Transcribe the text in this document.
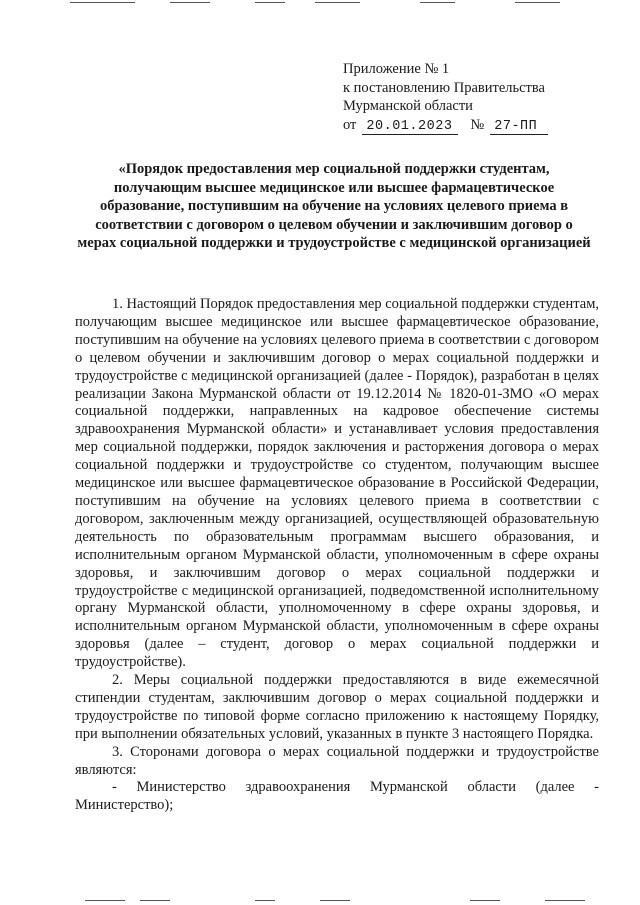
Приложение № 1
к постановлению Правительства
Мурманской области
от 20.01.2023 № 27-ПП
«Порядок предоставления мер социальной поддержки студентам, получающим высшее медицинское или высшее фармацевтическое образование, поступившим на обучение на условиях целевого приема в соответствии с договором о целевом обучении и заключившим договор о мерах социальной поддержки и трудоустройстве с медицинской организацией

1. Настоящий Порядок предоставления мер социальной поддержки студентам, получающим высшее медицинское или высшее фармацевтическое образование, поступившим на обучение на условиях целевого приема в соответствии с договором о целевом обучении и заключившим договор о мерах социальной поддержки и трудоустройстве с медицинской организацией (далее - Порядок), разработан в целях реализации Закона Мурманской области от 19.12.2014 № 1820-01-ЗМО «О мерах социальной поддержки, направленных на кадровое обеспечение системы здравоохранения Мурманской области» и устанавливает условия предоставления мер социальной поддержки, порядок заключения и расторжения договора о мерах социальной поддержки и трудоустройстве со студентом, получающим высшее медицинское или высшее фармацевтическое образование в Российской Федерации, поступившим на обучение на условиях целевого приема в соответствии с договором, заключенным между организацией, осуществляющей образовательную деятельность по образовательным программам высшего образования, и исполнительным органом Мурманской области, уполномоченным в сфере охраны здоровья, и заключившим договор о мерах социальной поддержки и трудоустройстве с медицинской организацией, подведомственной исполнительному органу Мурманской области, уполномоченному в сфере охраны здоровья, и исполнительным органом Мурманской области, уполномоченным в сфере охраны здоровья (далее – студент, договор о мерах социальной поддержки и трудоустройстве).

2. Меры социальной поддержки предоставляются в виде ежемесячной стипендии студентам, заключившим договор о мерах социальной поддержки и трудоустройстве по типовой форме согласно приложению к настоящему Порядку, при выполнении обязательных условий, указанных в пункте 3 настоящего Порядка.

3. Сторонами договора о мерах социальной поддержки и трудоустройстве являются:

- Министерство здравоохранения Мурманской области (далее - Министерство);
